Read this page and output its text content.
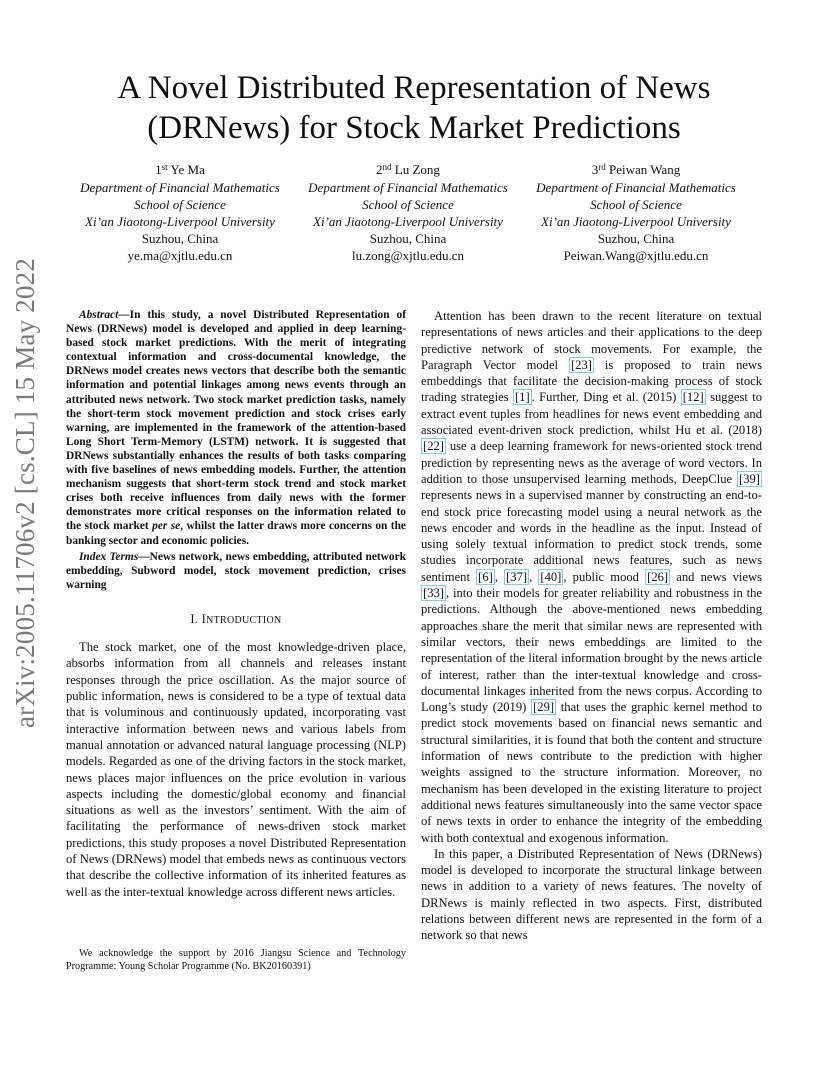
arXiv:2005.11706v2 [cs.CL] 15 May 2022
A Novel Distributed Representation of News (DRNews) for Stock Market Predictions
1st Ye Ma
Department of Financial Mathematics
School of Science
Xi’an Jiaotong-Liverpool University
Suzhou, China
ye.ma@xjtlu.edu.cn
2nd Lu Zong
Department of Financial Mathematics
School of Science
Xi’an Jiaotong-Liverpool University
Suzhou, China
lu.zong@xjtlu.edu.cn
3rd Peiwan Wang
Department of Financial Mathematics
School of Science
Xi’an Jiaotong-Liverpool University
Suzhou, China
Peiwan.Wang@xjtlu.edu.cn
Abstract—In this study, a novel Distributed Representation of News (DRNews) model is developed and applied in deep learning-based stock market predictions. With the merit of integrating contextual information and cross-documental knowledge, the DRNews model creates news vectors that describe both the semantic information and potential linkages among news events through an attributed news network. Two stock market prediction tasks, namely the short-term stock movement prediction and stock crises early warning, are implemented in the framework of the attention-based Long Short Term-Memory (LSTM) network. It is suggested that DRNews substantially enhances the results of both tasks comparing with five baselines of news embedding models. Further, the attention mechanism suggests that short-term stock trend and stock market crises both receive influences from daily news with the former demonstrates more critical responses on the information related to the stock market per se, whilst the latter draws more concerns on the banking sector and economic policies.
Index Terms—News network, news embedding, attributed network embedding, Subword model, stock movement prediction, crises warning
I. INTRODUCTION

The stock market, one of the most knowledge-driven place, absorbs information from all channels and releases instant responses through the price oscillation. As the major source of public information, news is considered to be a type of textual data that is voluminous and continuously updated, incorporating vast interactive information between news and various labels from manual annotation or advanced natural language processing (NLP) models. Regarded as one of the driving factors in the stock market, news places major influences on the price evolution in various aspects including the domestic/global economy and financial situations as well as the investors’ sentiment. With the aim of facilitating the performance of news-driven stock market predictions, this study proposes a novel Distributed Representation of News (DRNews) model that embeds news as continuous vectors that describe the collective information of its inherited features as well as the inter-textual knowledge across different news articles.

We acknowledge the support by 2016 Jiangsu Science and Technology Programme: Young Scholar Programme (No. BK20160391)

Attention has been drawn to the recent literature on textual representations of news articles and their applications to the deep predictive network of stock movements. For example, the Paragraph Vector model [23] is proposed to train news embeddings that facilitate the decision-making process of stock trading strategies [1] . Further, Ding et al. (2015) [12] suggest to extract event tuples from headlines for news event embedding and associated event-driven stock prediction, whilst Hu et al. (2018) [22] use a deep learning framework for news-oriented stock trend prediction by representing news as the average of word vectors. In addition to those unsupervised learning methods, DeepClue [39] represents news in a supervised manner by constructing an end-to-end stock price forecasting model using a neural network as the news encoder and words in the headline as the input. Instead of using solely textual information to predict stock trends, some studies incorporate additional news features, such as news sentiment [6] , [37] , [40] , public mood [26] and news views [33] , into their models for greater reliability and robustness in the predictions. Although the above-mentioned news embedding approaches share the merit that similar news are represented with similar vectors, their news embeddings are limited to the representation of the literal information brought by the news article of interest, rather than the inter-textual knowledge and cross-documental linkages inherited from the news corpus. According to Long’s study (2019) [29] that uses the graphic kernel method to predict stock movements based on financial news semantic and structural similarities, it is found that both the content and structure information of news contribute to the prediction with higher weights assigned to the structure information. Moreover, no mechanism has been developed in the existing literature to project additional news features simultaneously into the same vector space of news texts in order to enhance the integrity of the embedding with both contextual and exogenous information.

In this paper, a Distributed Representation of News (DRNews) model is developed to incorporate the structural linkage between news in addition to a variety of news features. The novelty of DRNews is mainly reflected in two aspects. First, distributed relations between different news are represented in the form of a network so that news
